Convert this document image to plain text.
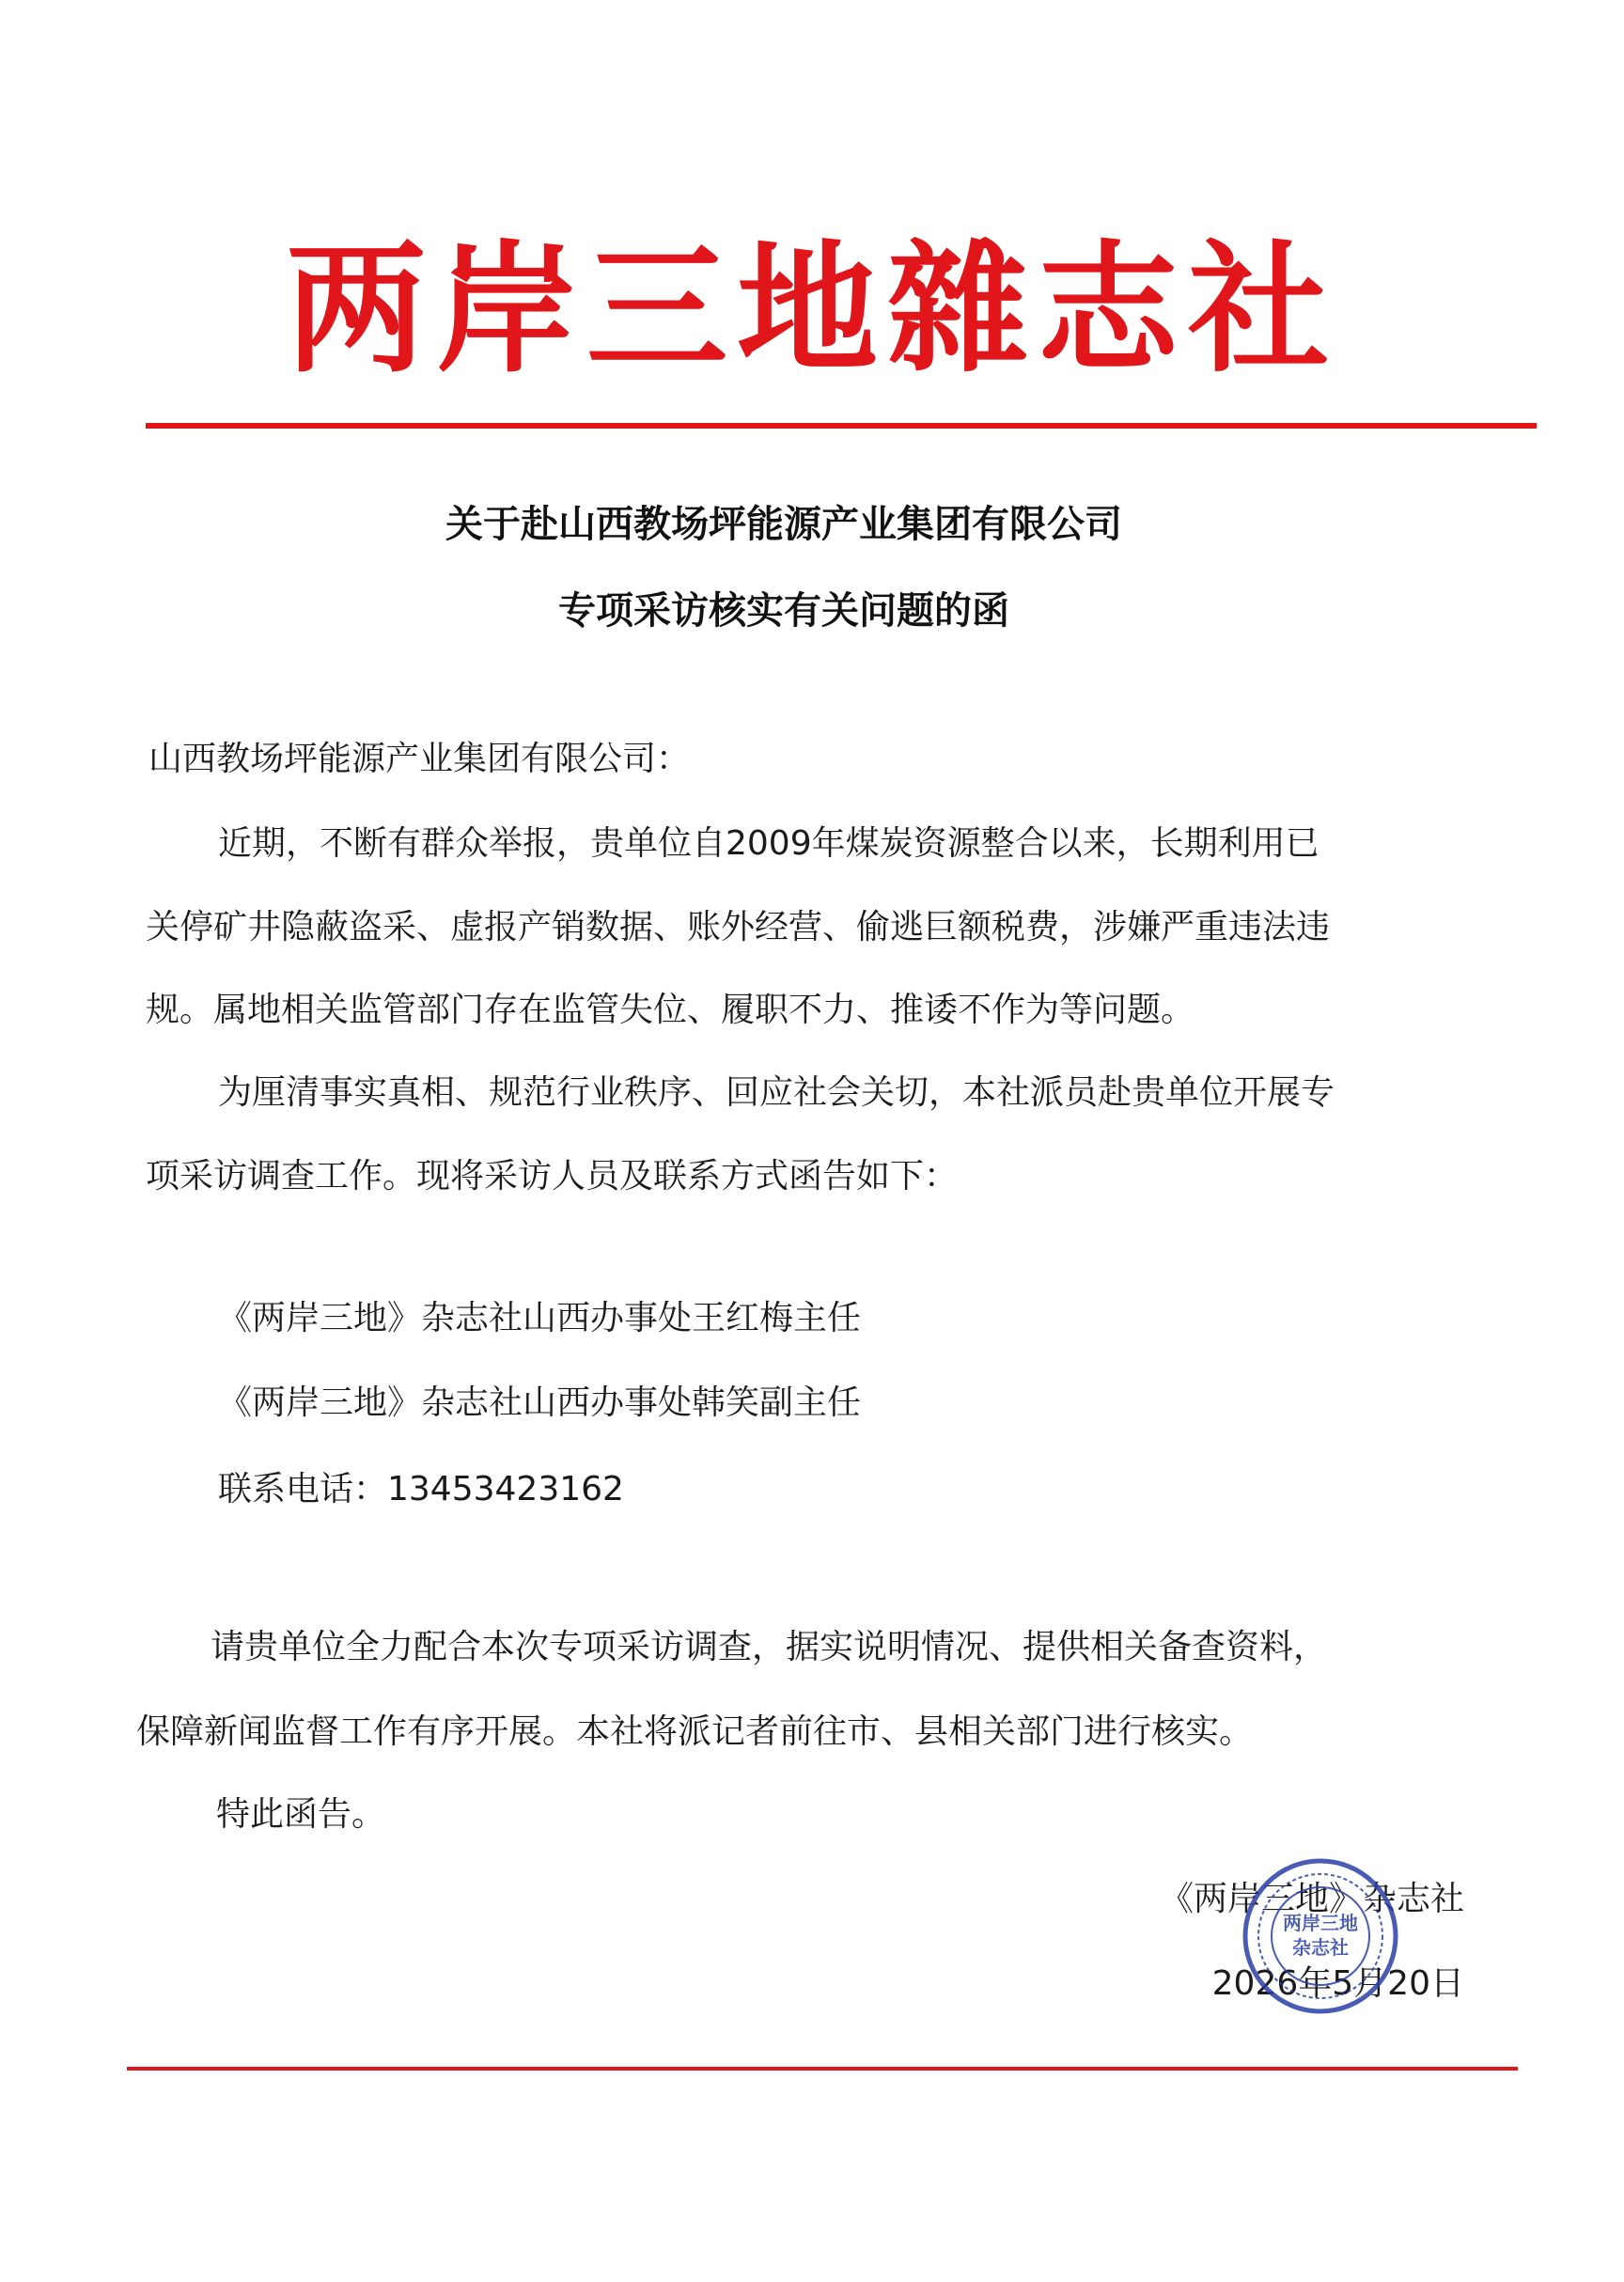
两岸三地雜志社
关于赴山西教场坪能源产业集团有限公司
专项采访核实有关问题的函
山西教场坪能源产业集团有限公司：
近期，不断有群众举报，贵单位自2009年煤炭资源整合以来，长期利用已
关停矿井隐蔽盗采、虚报产销数据、账外经营、偷逃巨额税费，涉嫌严重违法违
规。属地相关监管部门存在监管失位、履职不力、推诿不作为等问题。
为厘清事实真相、规范行业秩序、回应社会关切，本社派员赴贵单位开展专
项采访调查工作。现将采访人员及联系方式函告如下：
《两岸三地》杂志社山西办事处王红梅主任
《两岸三地》杂志社山西办事处韩笑副主任
联系电话：13453423162
请贵单位全力配合本次专项采访调查，据实说明情况、提供相关备查资料，
保障新闻监督工作有序开展。本社将派记者前往市、县相关部门进行核实。
特此函告。
《两岸三地》杂志社
2026年5月20日
两岸三地
杂志社
